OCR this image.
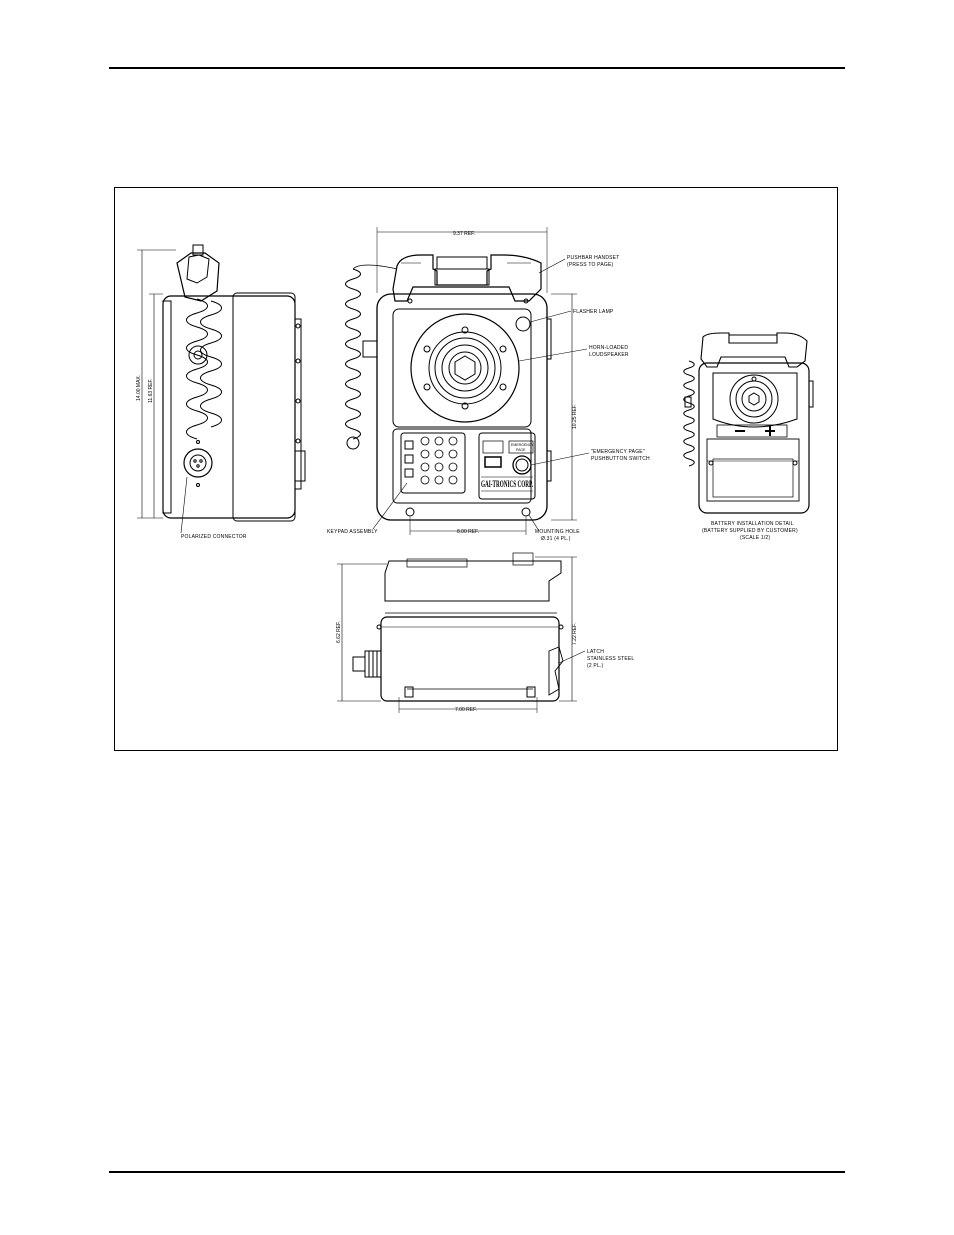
14.00 MAX. 11.63 REF.
POLARIZED CONNECTOR
EMERGENCY
PAGE
GAI-TRONICS CORP.
9.37 REF.
10.25 REF.
8.00 REF.
PUSHBAR HANDSET
(PRESS TO PAGE)
FLASHER LAMP
HORN-LOADED
LOUDSPEAKER
"EMERGENCY PAGE"
PUSHBUTTON SWITCH
KEYPAD ASSEMBLY	MOUNTING HOLE
Ø.31 (4 PL.)
BATTERY INSTALLATION DETAIL
(BATTERY SUPPLIED BY CUSTOMER)
(SCALE 1/2)
6.62 REF.	7.22 REF.
7.00 REF.
LATCH
STAINLESS STEEL
(2 PL.)
